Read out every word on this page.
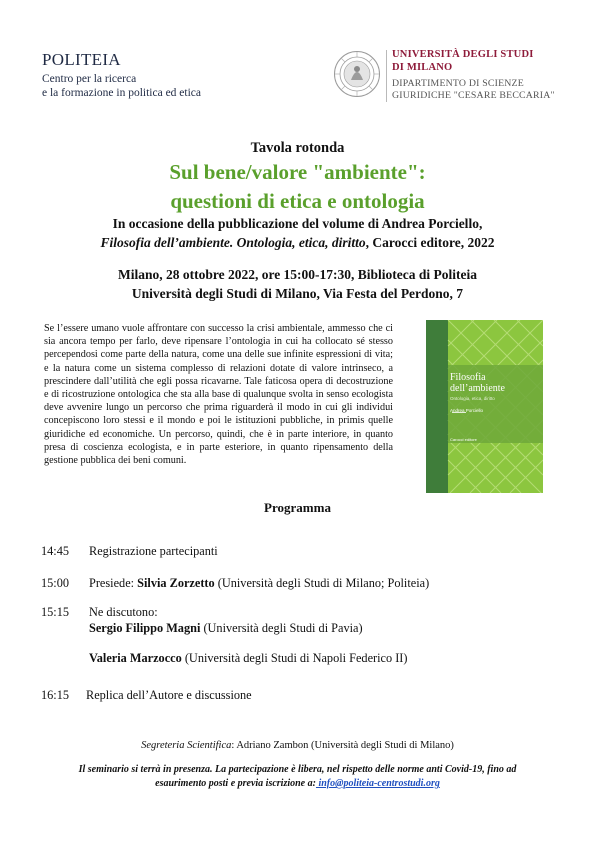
POLITEIA
Centro per la ricerca
e la formazione in politica ed etica
UNIVERSITÀ DEGLI STUDI
DI MILANO
DIPARTIMENTO DI SCIENZE
GIURIDICHE "CESARE BECCARIA"
Tavola rotonda
Sul bene/valore "ambiente":
questioni di etica e ontologia
In occasione della pubblicazione del volume di Andrea Porciello,
Filosofia dell’ambiente. Ontologia, etica, diritto, Carocci editore, 2022
Milano, 28 ottobre 2022, ore 15:00-17:30, Biblioteca di Politeia
Università degli Studi di Milano, Via Festa del Perdono, 7
Se l’essere umano vuole affrontare con successo la crisi ambientale, ammesso che ci sia ancora tempo per farlo, deve ripensare l’ontologia in cui ha collocato sé stesso percependosi come parte della natura, come una delle sue infinite espressioni di vita; e la natura come un sistema complesso di relazioni dotate di valore intrinseco, a prescindere dall’utilità che egli possa ricavarne. Tale faticosa opera di decostruzione e di ricostruzione ontologica che sta alla base di qualunque svolta in senso ecologista deve avvenire lungo un percorso che prima riguarderà il modo in cui gli individui concepiscono loro stessi e il mondo e poi le istituzioni pubbliche, in primis quelle giuridiche ed economiche. Un percorso, quindi, che è in parte interiore, in quanto presa di coscienza ecologista, e in parte esteriore, in quanto ripensamento della gestione pubblica dei beni comuni.
Filosofia
dell’ambiente
Ontologia, etica, diritto
Andrea Porciello
Carocci editore
Programma
14:45 Registrazione partecipanti
15:00 Presiede: Silvia Zorzetto (Università degli Studi di Milano; Politeia)
15:15 Ne discutono:
Sergio Filippo Magni (Università degli Studi di Pavia)
Valeria Marzocco (Università degli Studi di Napoli Federico II)
16:15 Replica dell’Autore e discussione
Segreteria Scientifica: Adriano Zambon (Università degli Studi di Milano)
Il seminario si terrà in presenza. La partecipazione è libera, nel rispetto delle norme anti Covid-19, fino ad
esaurimento posti e previa iscrizione a: info@politeia-centrostudi.org
